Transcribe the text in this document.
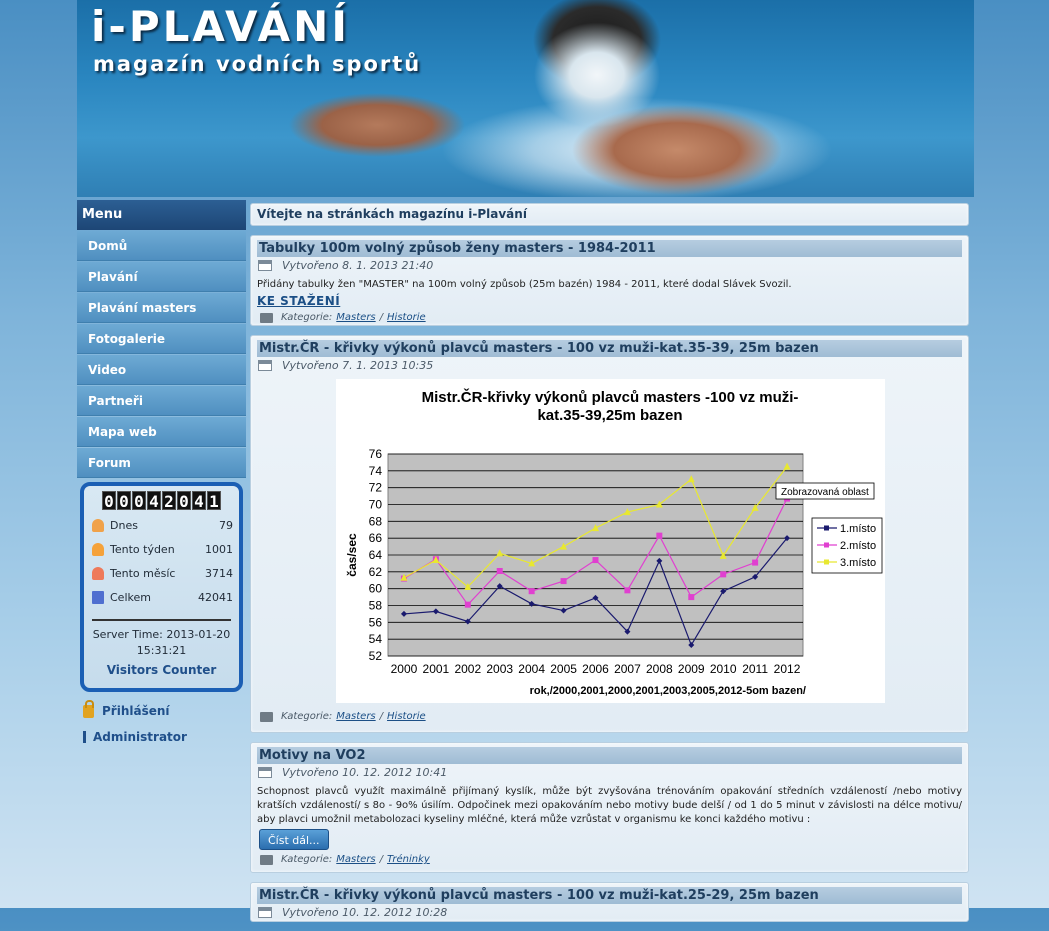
i-PLAVÁNÍ
magazín vodních sportů
Menu
Domů
Plavání
Plavání masters
Fotogalerie
Video
Partneři
Mapa web
Forum
0 0 0 4 2 0 4 1
Dnes	79
Tento týden	1001
Tento měsíc	3714
Celkem	42041
Server Time: 2013-01-20
15:31:21
Visitors Counter
Přihlášení
Administrator
Vítejte na stránkách magazínu i-Plavání
Tabulky 100m volný způsob ženy masters - 1984-2011
Vytvořeno 8. 1. 2013 21:40
Přidány tabulky žen "MASTER" na 100m volný způsob (25m bazén) 1984 - 2011, které dodal Slávek Svozil.
KE STAŽENÍ
Kategorie: Masters / Historie
Mistr.ČR - křivky výkonů plavců masters - 100 vz muži-kat.35-39, 25m bazen
Vytvořeno 7. 1. 2013 10:35
52
54
56
58
60
62
64
66
68
70
72
74
76
2000 2001 2002 2003 2004 2005 2006 2007 2008 2009 2010 2011 2012
Mistr.ČR-křivky výkonů plavců masters -100 vz muži-
kat.35-39,25m bazen
rok,/2000,2001,2000,2001,2003,2005,2012-5om bazen/
čas/sec
1.místo
2.místo
3.místo
Zobrazovaná oblast
Kategorie: Masters / Historie
Motivy na VO2
Vytvořeno 10. 12. 2012 10:41
Schopnost plavců využít maximálně přijímaný kyslík, může být zvyšována trénováním opakování středních vzdáleností /nebo motivy kratších vzdáleností/ s 8o - 9o% úsilím. Odpočinek mezi opakováním nebo motivy bude delší / od 1 do 5 minut v závislosti na délce motivu/ aby plavci umožnil metabolozaci kyseliny mléčné, která může vzrůstat v organismu ke konci každého motivu :
Číst dál...
Kategorie: Masters / Tréninky
Mistr.ČR - křivky výkonů plavců masters - 100 vz muži-kat.25-29, 25m bazen
Vytvořeno 10. 12. 2012 10:28
